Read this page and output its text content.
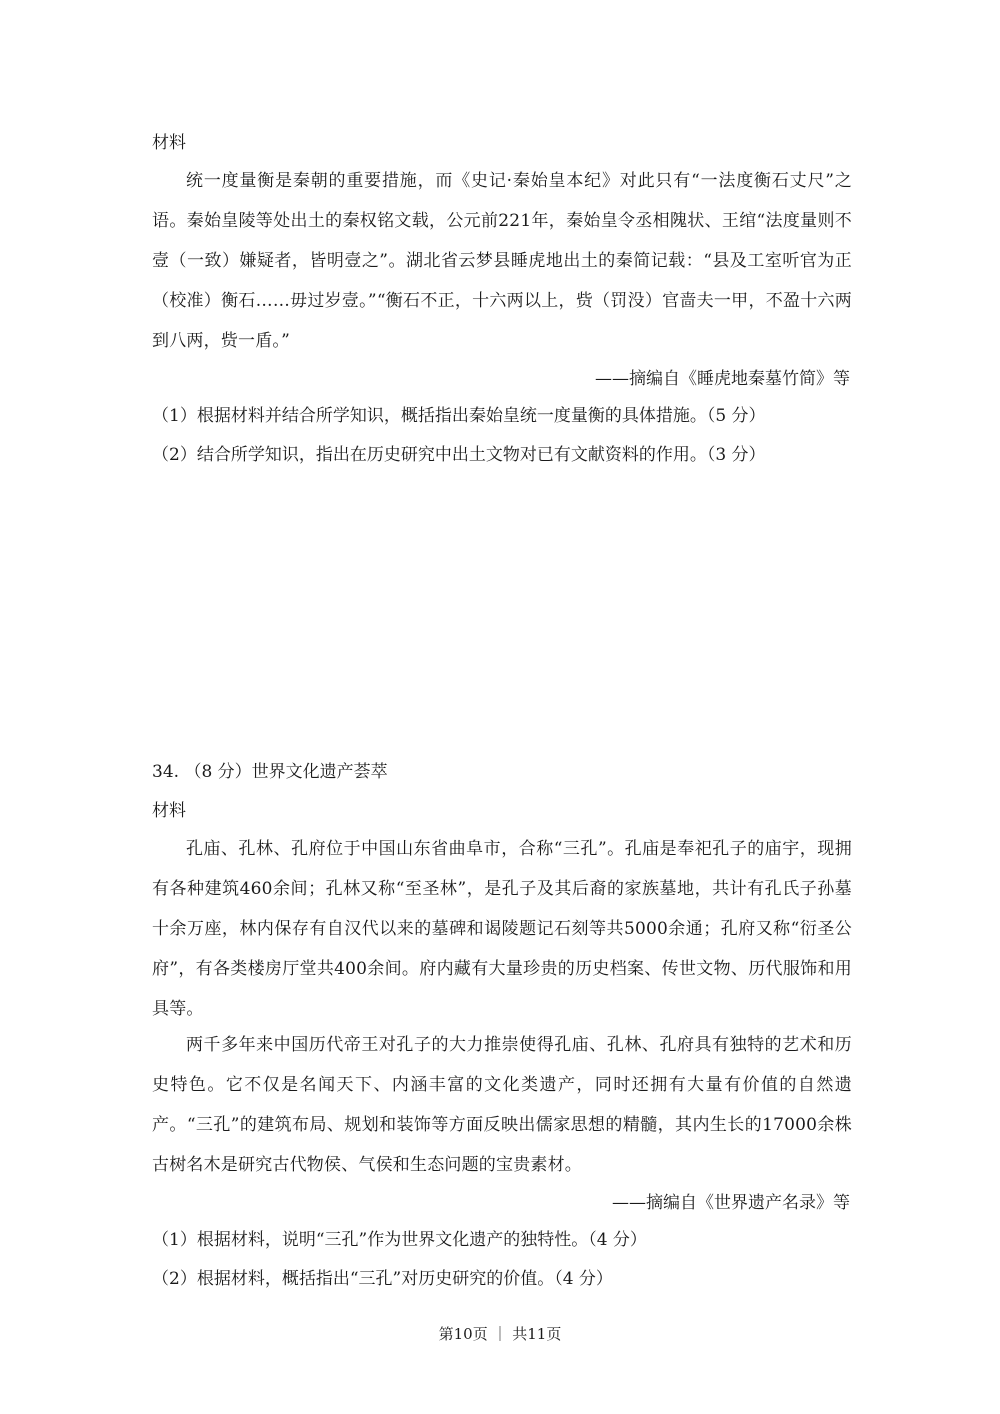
材料
统一度量衡是秦朝的重要措施，而《史记·秦始皇本纪》对此只有“一法度衡石丈尺”之语。秦始皇陵等处出土的秦权铭文载，公元前221年，秦始皇令丞相隗状、王绾“法度量则不壹（一致）嫌疑者，皆明壹之”。湖北省云梦县睡虎地出土的秦简记载：“县及工室听官为正（校准）衡石……毋过岁壹。”“衡石不正，十六两以上，赀（罚没）官啬夫一甲，不盈十六两到八两，赀一盾。”
——摘编自《睡虎地秦墓竹简》等
（1）根据材料并结合所学知识，概括指出秦始皇统一度量衡的具体措施。（5 分）
（2）结合所学知识，指出在历史研究中出土文物对已有文献资料的作用。（3 分）
34. （8 分）世界文化遗产荟萃
材料
孔庙、孔林、孔府位于中国山东省曲阜市，合称“三孔”。孔庙是奉祀孔子的庙宇，现拥有各种建筑460余间；孔林又称“至圣林”，是孔子及其后裔的家族墓地，共计有孔氏子孙墓十余万座，林内保存有自汉代以来的墓碑和谒陵题记石刻等共5000余通；孔府又称“衍圣公府”，有各类楼房厅堂共400余间。府内藏有大量珍贵的历史档案、传世文物、历代服饰和用具等。
两千多年来中国历代帝王对孔子的大力推崇使得孔庙、孔林、孔府具有独特的艺术和历史特色。它不仅是名闻天下、内涵丰富的文化类遗产，同时还拥有大量有价值的自然遗产。“三孔”的建筑布局、规划和装饰等方面反映出儒家思想的精髓，其内生长的17000余株古树名木是研究古代物侯、气侯和生态问题的宝贵素材。
——摘编自《世界遗产名录》等
（1）根据材料，说明“三孔”作为世界文化遗产的独特性。（4 分）
（2）根据材料，概括指出“三孔”对历史研究的价值。（4 分）
第10页 ｜ 共11页
